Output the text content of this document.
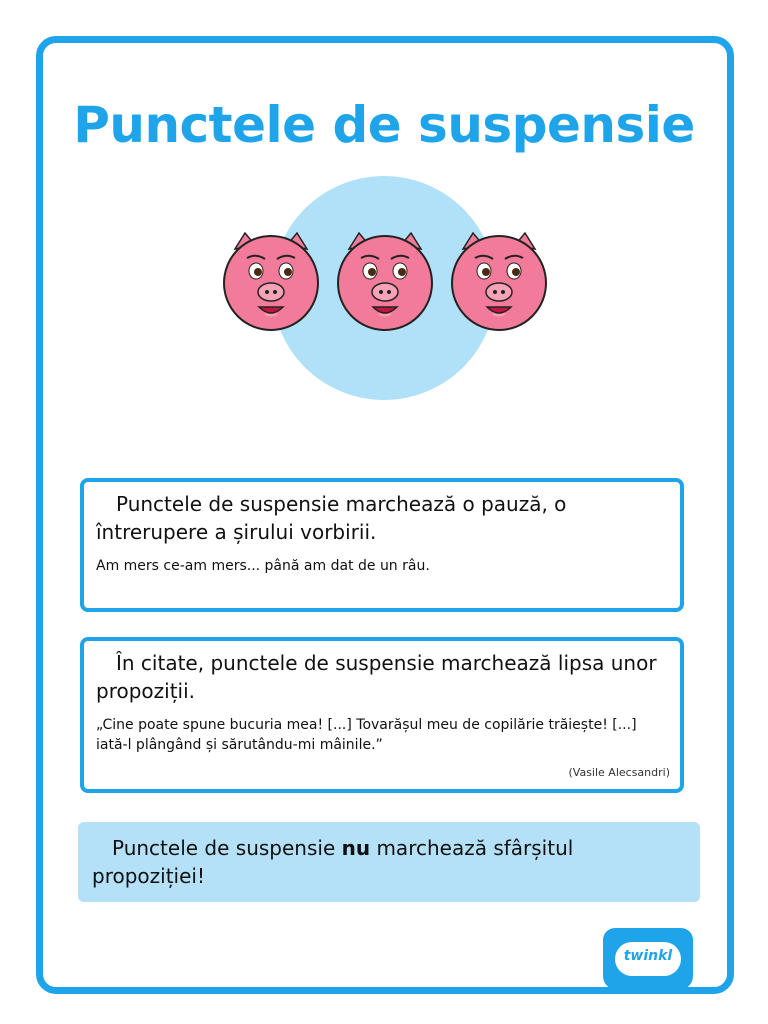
Punctele de suspensie

Punctele de suspensie marchează o pauză, o întrerupere a șirului vorbirii.

Am mers ce-am mers... până am dat de un râu.

În citate, punctele de suspensie marchează lipsa unor propoziții.

„Cine poate spune bucuria mea! [...] Tovarășul meu de copilărie trăiește! [...] iată-l plângând și sărutându-mi mâinile.”

(Vasile Alecsandri)

Punctele de suspensie nu marchează sfârșitul propoziției!

twinkl
